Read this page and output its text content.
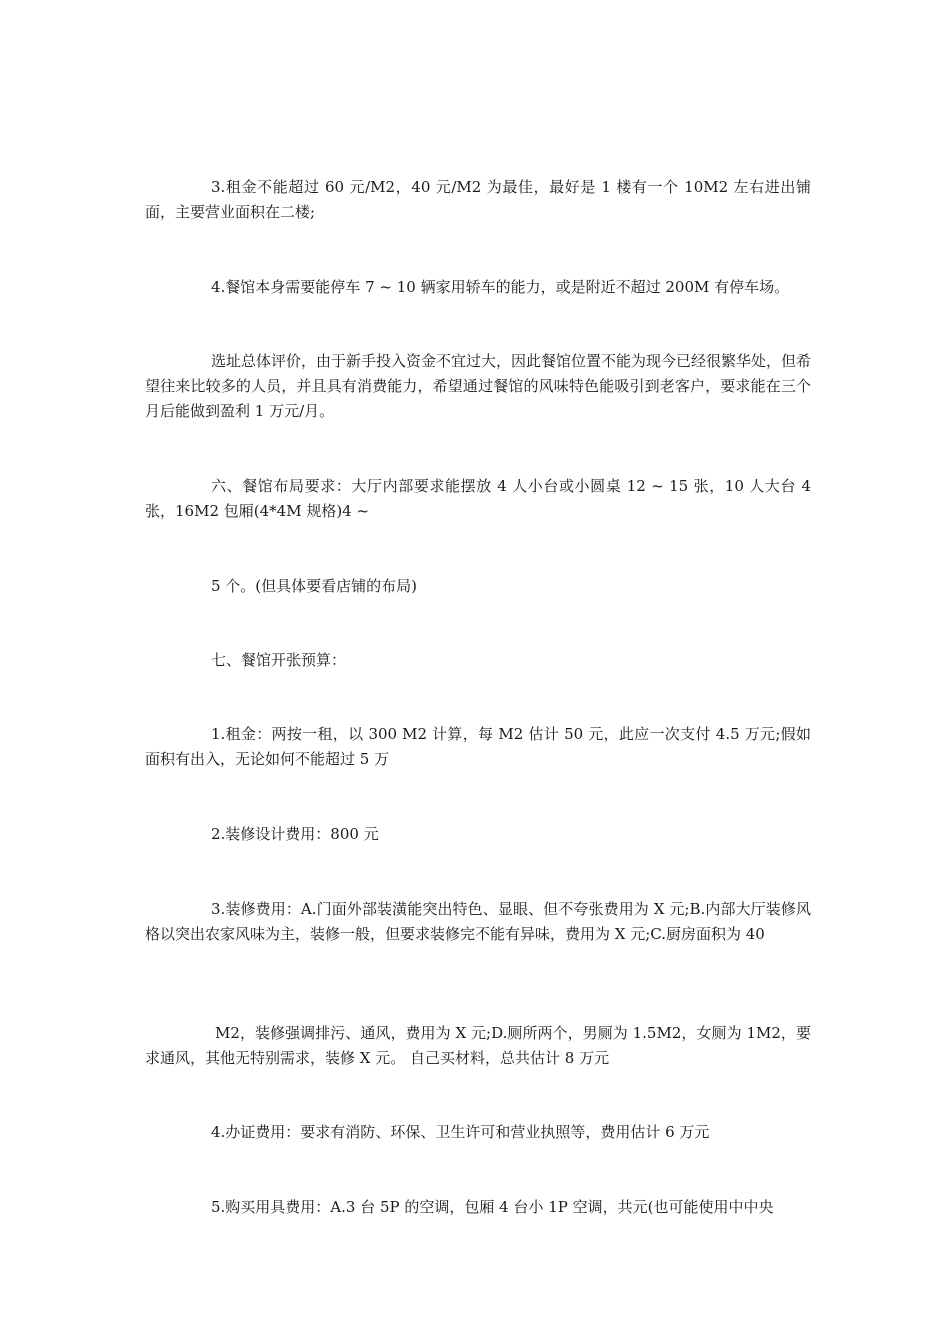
3.租金不能超过 60 元/M2，40 元/M2 为最佳，最好是 1 楼有一个 10M2 左右进出铺面，主要营业面积在二楼;

4.餐馆本身需要能停车 7 ~ 10 辆家用轿车的能力，或是附近不超过 200M 有停车场。

选址总体评价，由于新手投入资金不宜过大，因此餐馆位置不能为现今已经很繁华处，但希望往来比较多的人员，并且具有消费能力，希望通过餐馆的风味特色能吸引到老客户，要求能在三个月后能做到盈利 1 万元/月。

六、餐馆布局要求：大厅内部要求能摆放 4 人小台或小圆桌 12 ~ 15 张，10 人大台 4 张，16M2 包厢(4*4M 规格)4 ~

5 个。(但具体要看店铺的布局)

七、餐馆开张预算：

1.租金：两按一租，以 300 M2 计算，每 M2 估计 50 元，此应一次支付 4.5 万元;假如面积有出入，无论如何不能超过 5 万

2.装修设计费用：800 元

3.装修费用：A.门面外部装潢能突出特色、显眼、但不夸张费用为 X 元;B.内部大厅装修风格以突出农家风味为主，装修一般，但要求装修完不能有异味，费用为 X 元;C.厨房面积为 40

M2，装修强调排污、通风，费用为 X 元;D.厕所两个，男厕为 1.5M2，女厕为 1M2，要求通风，其他无特别需求，装修 X 元。 自己买材料，总共估计 8 万元

4.办证费用：要求有消防、环保、卫生许可和营业执照等，费用估计 6 万元

5.购买用具费用：A.3 台 5P 的空调，包厢 4 台小 1P 空调，共元(也可能使用中中央
